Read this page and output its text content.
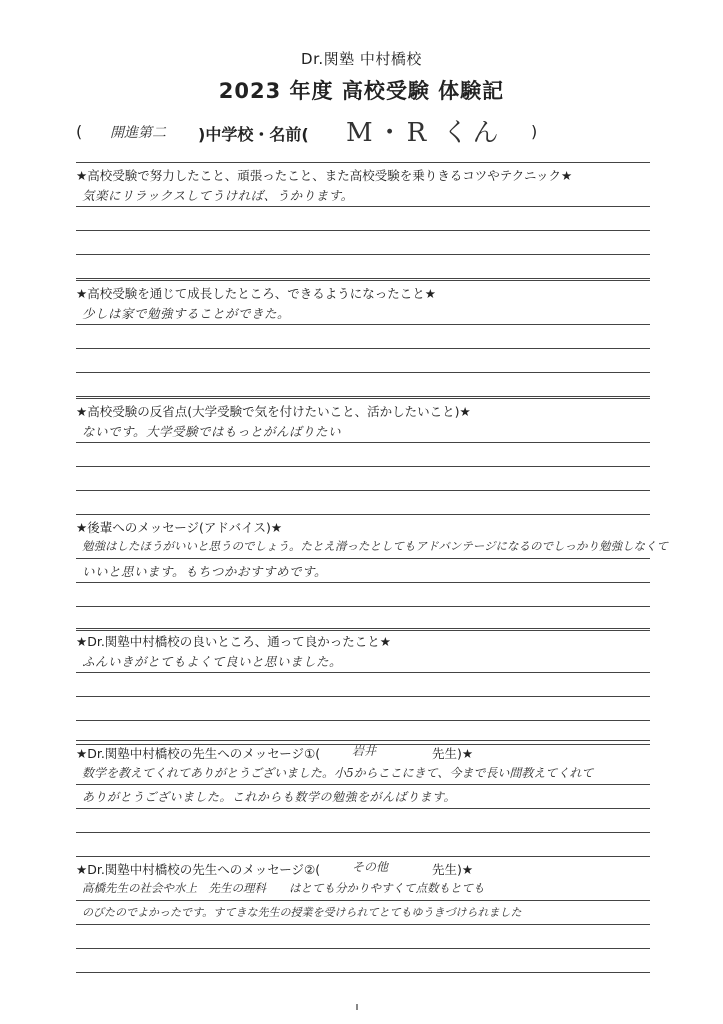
Dr.関塾 中村橋校
2023 年度 高校受験 体験記
( 開進第二 )中学校・名前( M・R くん )
★高校受験で努力したこと、頑張ったこと、また高校受験を乗りきるコツやテクニック★
気楽にリラックスしてうければ、うかります。
★高校受験を通じて成長したところ、できるようになったこと★
少しは家で勉強することができた。
★高校受験の反省点(大学受験で気を付けたいこと、活かしたいこと)★
ないです。大学受験ではもっとがんばりたい
★後輩へのメッセージ(アドバイス)★
勉強はしたほうがいいと思うのでしょう。たとえ滑ったとしてもアドバンテージになるのでしっかり勉強しなくて
いいと思います。もちつかおすすめです。
★Dr.関塾中村橋校の良いところ、通って良かったこと★
ふんいきがとてもよくて良いと思いました。
★Dr.関塾中村橋校の先生へのメッセージ①(	岩井	先生)★
数学を教えてくれてありがとうございました。小5からここにきて、今まで長い間教えてくれて
ありがとうございました。これからも数学の勉強をがんばります。
★Dr.関塾中村橋校の先生へのメッセージ②(	その他	先生)★
高橋先生の社会や水上　先生の理科　　はとても分かりやすくて点数もとても
のびたのでよかったです。すてきな先生の授業を受けられてとてもゆうきづけられました
